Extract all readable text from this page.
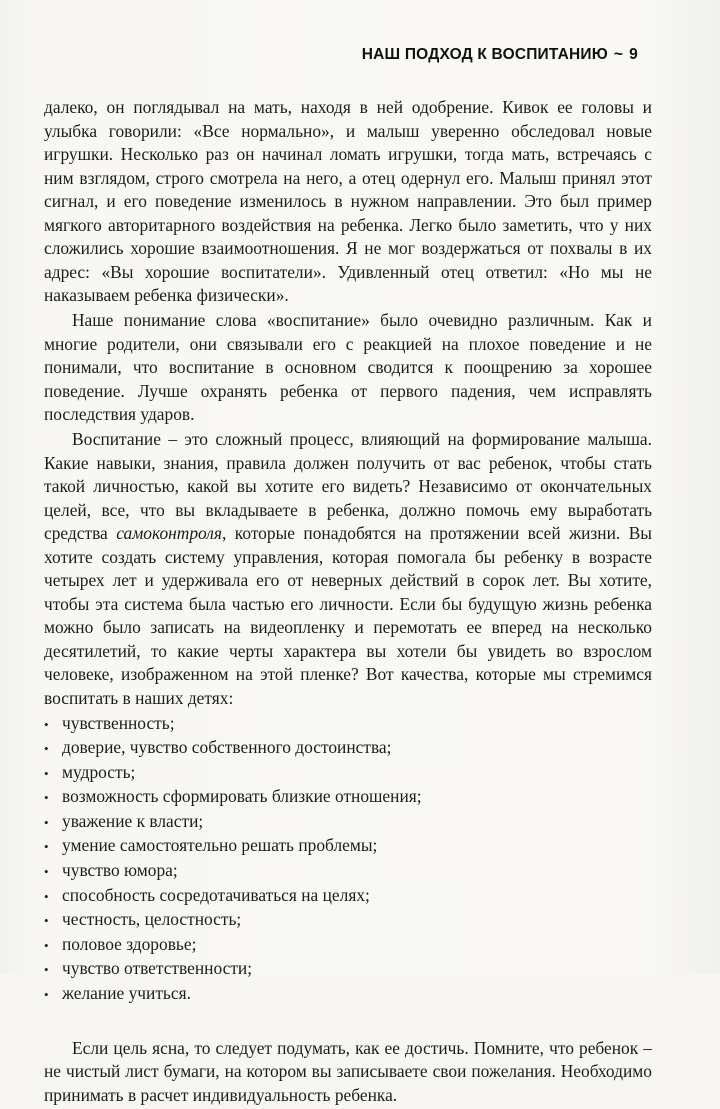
НАШ ПОДХОД К ВОСПИТАНИЮ ~ 9

далеко, он поглядывал на мать, находя в ней одобрение. Кивок ее головы и улыбка говорили: «Все нормально», и малыш уверенно обследовал новые игрушки. Несколько раз он начинал ломать игрушки, тогда мать, встречаясь с ним взглядом, строго смотрела на него, а отец одернул его. Малыш принял этот сигнал, и его поведение изменилось в нужном направлении. Это был пример мягкого авторитарного воздействия на ребенка. Легко было заметить, что у них сложились хорошие взаимоотношения. Я не мог воздержаться от похвалы в их адрес: «Вы хорошие воспитатели». Удивленный отец ответил: «Но мы не наказываем ребенка физически».

Наше понимание слова «воспитание» было очевидно различным. Как и многие родители, они связывали его с реакцией на плохое поведение и не понимали, что воспитание в основном сводится к поощрению за хорошее поведение. Лучше охранять ребенка от первого падения, чем исправлять последствия ударов.

Воспитание – это сложный процесс, влияющий на формирование малыша. Какие навыки, знания, правила должен получить от вас ребенок, чтобы стать такой личностью, какой вы хотите его видеть? Независимо от окончательных целей, все, что вы вкладываете в ребенка, должно помочь ему выработать средства самоконтроля, которые понадобятся на протяжении всей жизни. Вы хотите создать систему управления, которая помогала бы ребенку в возрасте четырех лет и удерживала его от неверных действий в сорок лет. Вы хотите, чтобы эта система была частью его личности. Если бы будущую жизнь ребенка можно было записать на видеопленку и перемотать ее вперед на несколько десятилетий, то какие черты характера вы хотели бы увидеть во взрослом человеке, изображенном на этой пленке? Вот качества, которые мы стремимся воспитать в наших детях:

• чувственность;
• доверие, чувство собственного достоинства;
• мудрость;
• возможность сформировать близкие отношения;
• уважение к власти;
• умение самостоятельно решать проблемы;
• чувство юмора;
• способность сосредотачиваться на целях;
• честность, целостность;
• половое здоровье;
• чувство ответственности;
• желание учиться.

Если цель ясна, то следует подумать, как ее достичь. Помните, что ребенок – не чистый лист бумаги, на котором вы записываете свои пожелания. Необходимо принимать в расчет индивидуальность ребенка.
